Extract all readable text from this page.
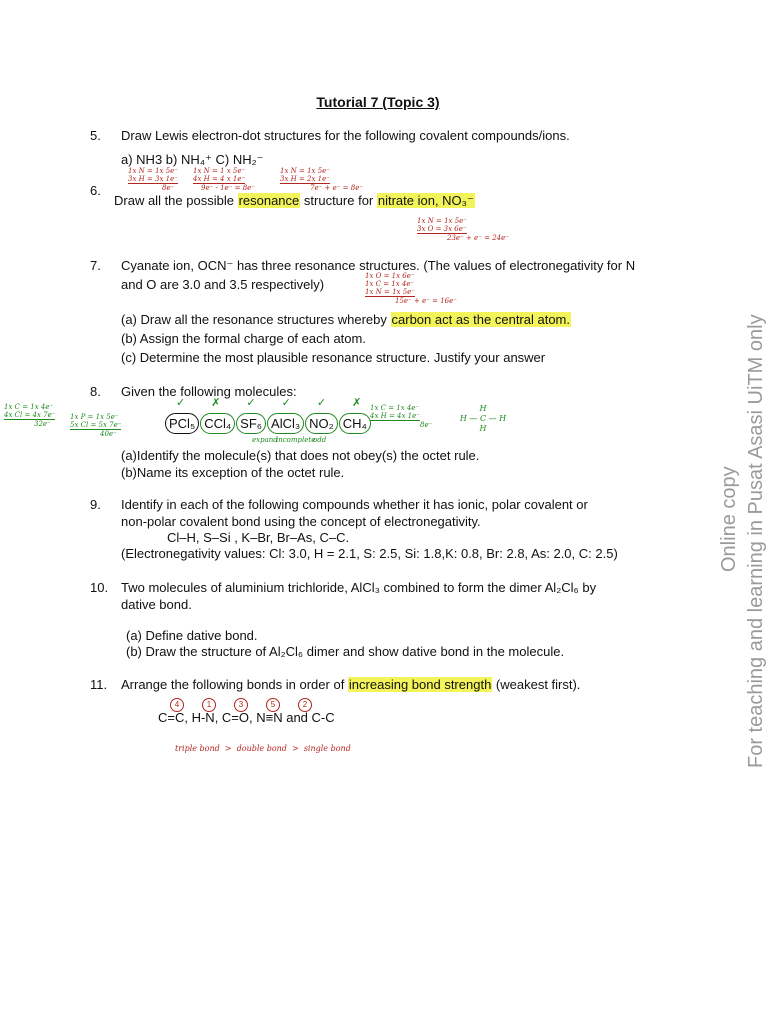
Tutorial 7 (Topic 3)
5. Draw Lewis electron-dot structures for the following covalent compounds/ions.
a) NH3 b) NH₄⁺ C) NH₂⁻
1x N = 1x 5e⁻
3x H = 3x 1e⁻
8e⁻
1x N = 1 x 5e⁻
4x H = 4 x 1e⁻
9e⁻ - 1e⁻ = 8e⁻
1x N = 1x 5e⁻
3x H = 2x 1e⁻
7e⁻ + e⁻ = 8e⁻
6.
Draw all the possible resonance structure for nitrate ion, NO₃⁻
1x N = 1x 5e⁻
3x O = 3x 6e⁻
23e⁻ + e⁻ = 24e⁻
7. Cyanate ion, OCN⁻ has three resonance structures. (The values of electronegativity for N
and O are 3.0 and 3.5 respectively)
1x O = 1x 6e⁻
1x C = 1x 4e⁻
1x N = 1x 5e⁻
15e⁻ + e⁻ = 16e⁻
(a) Draw all the resonance structures whereby carbon act as the central atom.
(b) Assign the formal charge of each atom.
(c) Determine the most plausible resonance structure. Justify your answer
8. Given the following molecules:
1x C = 1x 4e⁻
4x Cl = 4x 7e⁻
32e⁻
1x P = 1x 5e⁻
5x Cl = 5x 7e⁻
40e⁻
✓✗✓✓✓✗
PCl₅ CCl₄ SF₆ AlCl₃ NO₂ CH₄
expand
incomplete
odd
1x C = 1x 4e⁻
4x H = 4x 1e⁻
8e⁻
H
H — C — H
H
(a)Identify the molecule(s) that does not obey(s) the octet rule.
(b)Name its exception of the octet rule.
9. Identify in each of the following compounds whether it has ionic, polar covalent or
non-polar covalent bond using the concept of electronegativity.
Cl–H, S–Si , K–Br, Br–As, C–C.
(Electronegativity values: Cl: 3.0, H = 2.1, S: 2.5, Si: 1.8,K: 0.8, Br: 2.8, As: 2.0, C: 2.5)
10. Two molecules of aluminium trichloride, AlCl₃ combined to form the dimer Al₂Cl₆ by
dative bond.
(a) Define dative bond.
(b) Draw the structure of Al₂Cl₆ dimer and show dative bond in the molecule.
11. Arrange the following bonds in order of increasing bond strength (weakest first).
4	1	3	5	2
C=C, H-N, C=O, N≡N and C-C
triple bond > double bond > single bond
Online copy For teaching and learning in Pusat Asasi UiTM only
